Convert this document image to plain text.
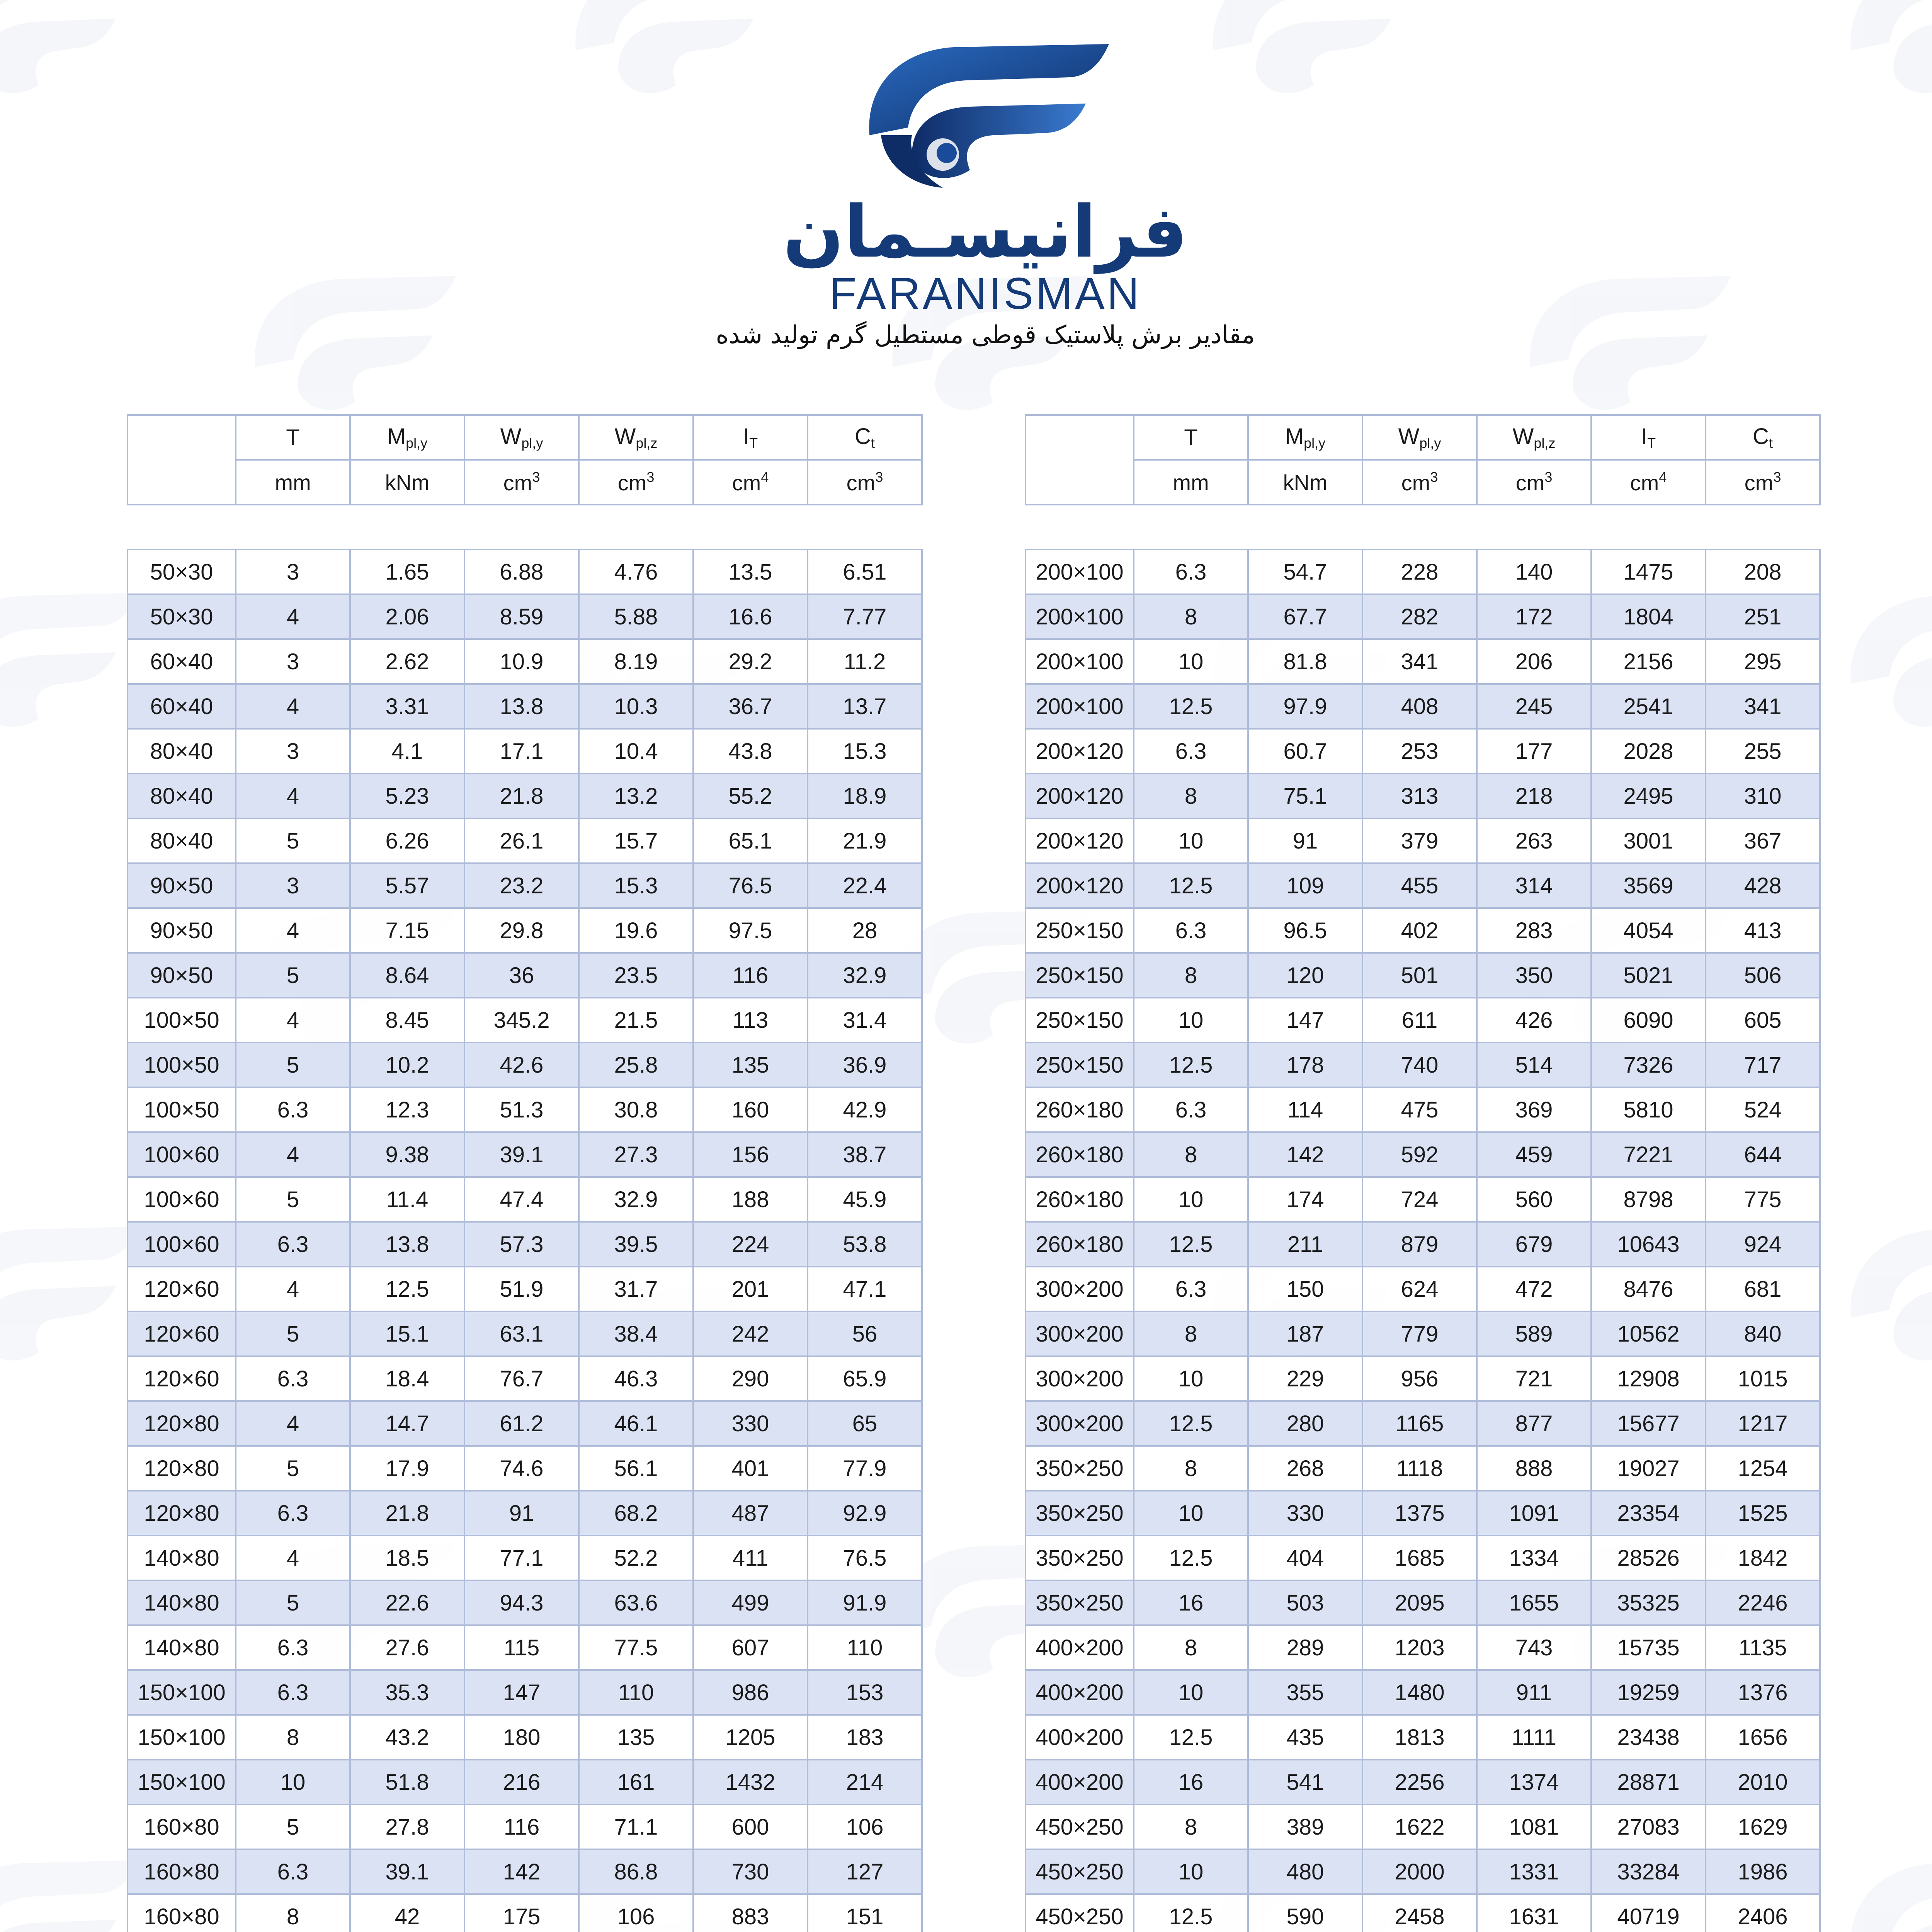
فرانیسـمان
FARANISMAN
مقادیر برش پلاستیک قوطی مستطیل گرم تولید شده
	T	$M_{pl,y}$	$W_{pl,y}$	$W_{pl,z}$	$I_T$	$C_t$
	mm	kNm	$cm^3$	$cm^3$	$cm^4$	$cm^3$
50×30	3	1.65	6.88	4.76	13.5	6.51
50×30	4	2.06	8.59	5.88	16.6	7.77
60×40	3	2.62	10.9	8.19	29.2	11.2
60×40	4	3.31	13.8	10.3	36.7	13.7
80×40	3	4.1	17.1	10.4	43.8	15.3
80×40	4	5.23	21.8	13.2	55.2	18.9
80×40	5	6.26	26.1	15.7	65.1	21.9
90×50	3	5.57	23.2	15.3	76.5	22.4
90×50	4	7.15	29.8	19.6	97.5	28
90×50	5	8.64	36	23.5	116	32.9
100×50	4	8.45	345.2	21.5	113	31.4
100×50	5	10.2	42.6	25.8	135	36.9
100×50	6.3	12.3	51.3	30.8	160	42.9
100×60	4	9.38	39.1	27.3	156	38.7
100×60	5	11.4	47.4	32.9	188	45.9
100×60	6.3	13.8	57.3	39.5	224	53.8
120×60	4	12.5	51.9	31.7	201	47.1
120×60	5	15.1	63.1	38.4	242	56
120×60	6.3	18.4	76.7	46.3	290	65.9
120×80	4	14.7	61.2	46.1	330	65
120×80	5	17.9	74.6	56.1	401	77.9
120×80	6.3	21.8	91	68.2	487	92.9
140×80	4	18.5	77.1	52.2	411	76.5
140×80	5	22.6	94.3	63.6	499	91.9
140×80	6.3	27.6	115	77.5	607	110
150×100	6.3	35.3	147	110	986	153
150×100	8	43.2	180	135	1205	183
150×100	10	51.8	216	161	1432	214
160×80	5	27.8	116	71.1	600	106
160×80	6.3	39.1	142	86.8	730	127
160×80	8	42	175	106	883	151

	T	$M_{pl,y}$	$W_{pl,y}$	$W_{pl,z}$	$I_T$	$C_t$
	mm	kNm	$cm^3$	$cm^3$	$cm^4$	$cm^3$
200×100	6.3	54.7	228	140	1475	208
200×100	8	67.7	282	172	1804	251
200×100	10	81.8	341	206	2156	295
200×100	12.5	97.9	408	245	2541	341
200×120	6.3	60.7	253	177	2028	255
200×120	8	75.1	313	218	2495	310
200×120	10	91	379	263	3001	367
200×120	12.5	109	455	314	3569	428
250×150	6.3	96.5	402	283	4054	413
250×150	8	120	501	350	5021	506
250×150	10	147	611	426	6090	605
250×150	12.5	178	740	514	7326	717
260×180	6.3	114	475	369	5810	524
260×180	8	142	592	459	7221	644
260×180	10	174	724	560	8798	775
260×180	12.5	211	879	679	10643	924
300×200	6.3	150	624	472	8476	681
300×200	8	187	779	589	10562	840
300×200	10	229	956	721	12908	1015
300×200	12.5	280	1165	877	15677	1217
350×250	8	268	1118	888	19027	1254
350×250	10	330	1375	1091	23354	1525
350×250	12.5	404	1685	1334	28526	1842
350×250	16	503	2095	1655	35325	2246
400×200	8	289	1203	743	15735	1135
400×200	10	355	1480	911	19259	1376
400×200	12.5	435	1813	1111	23438	1656
400×200	16	541	2256	1374	28871	2010
450×250	8	389	1622	1081	27083	1629
450×250	10	480	2000	1331	33284	1986
450×250	12.5	590	2458	1631	40719	2406
